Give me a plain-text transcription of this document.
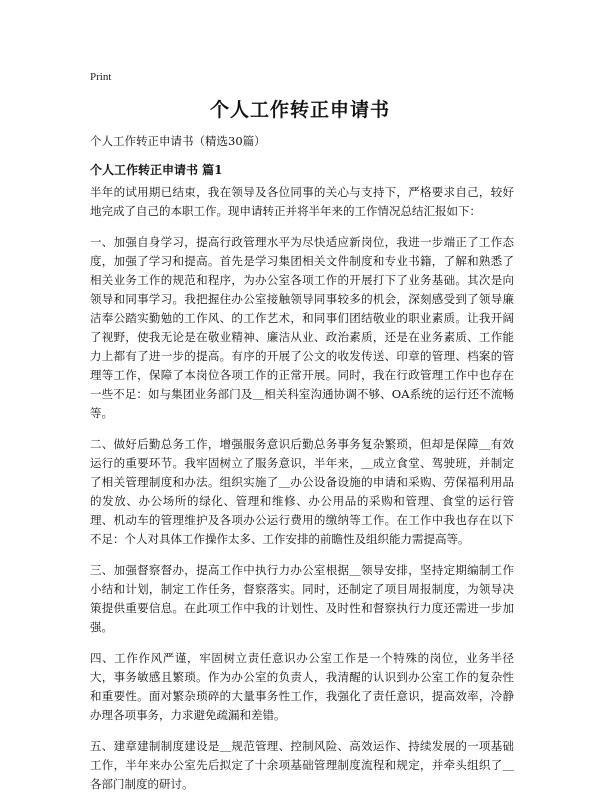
Print
个人工作转正申请书
个人工作转正申请书（精选30篇）
个人工作转正申请书 篇1

半年的试用期已结束，我在领导及各位同事的关心与支持下，严格要求自己，较好地完成了自己的本职工作。现申请转正并将半年来的工作情况总结汇报如下：

一、加强自身学习，提高行政管理水平为尽快适应新岗位，我进一步端正了工作态度，加强了学习和提高。首先是学习集团相关文件制度和专业书籍，了解和熟悉了相关业务工作的规范和程序，为办公室各项工作的开展打下了业务基础。其次是向领导和同事学习。我把握住办公室接触领导同事较多的机会，深刻感受到了领导廉洁奉公踏实勤勉的工作风、的工作艺术，和同事们团结敬业的职业素质。让我开阔了视野，使我无论是在敬业精神、廉洁从业、政治素质，还是在业务素质、工作能力上都有了进一步的提高。有序的开展了公文的收发传送、印章的管理、档案的管理等工作，保障了本岗位各项工作的正常开展。同时，我在行政管理工作中也存在一些不足：如与集团业务部门及＿相关科室沟通协调不够、OA系统的运行还不流畅等。

二、做好后勤总务工作，增强服务意识后勤总务事务复杂繁琐，但却是保障＿有效运行的重要环节。我牢固树立了服务意识，半年来，＿成立食堂、驾驶班，并制定了相关管理制度和办法。组织实施了＿办公设备设施的申请和采购、劳保福利用品的发放、办公场所的绿化、管理和维修、办公用品的采购和管理、食堂的运行管理、机动车的管理维护及各项办公运行费用的缴纳等工作。在工作中我也存在以下不足：个人对具体工作操作太多、工作安排的前瞻性及组织能力需提高等。

三、加强督察督办，提高工作中执行力办公室根据＿领导安排，坚持定期编制工作小结和计划，制定工作任务，督察落实。同时，还制定了项目周报制度，为领导决策提供重要信息。在此项工作中我的计划性、及时性和督察执行力度还需进一步加强。

四、工作作风严谨，牢固树立责任意识办公室工作是一个特殊的岗位，业务半径大，事务敏感且繁琐。作为办公室的负责人，我清醒的认识到办公室工作的复杂性和重要性。面对繁杂琐碎的大量事务性工作，我强化了责任意识，提高效率，冷静办理各项事务，力求避免疏漏和差错。

五、建章建制制度建设是＿规范管理、控制风险、高效运作、持续发展的一项基础工作，半年来办公室先后拟定了十余项基础管理制度流程和规定，并牵头组织了＿各部门制度的研讨。
